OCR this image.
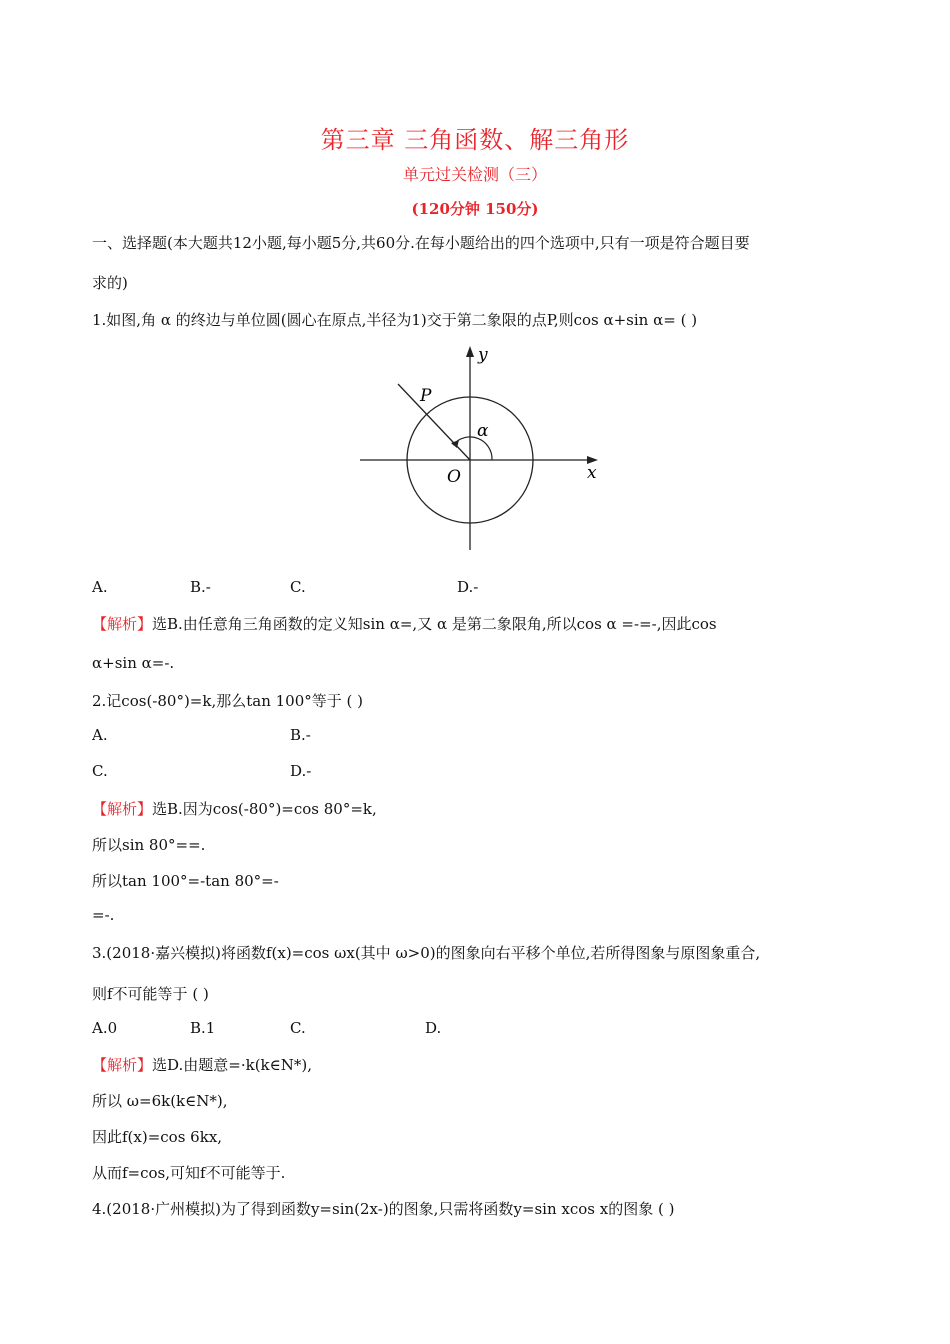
第三章 三角函数、解三角形
单元过关检测（三）
(120分钟 150分)
一、选择题(本大题共12小题,每小题5分,共60分.在每小题给出的四个选项中,只有一项是符合题目要
求的)
1.如图,角 α 的终边与单位圆(圆心在原点,半径为1)交于第二象限的点P,则cos α+sin α= ( )
y
x
O
P
α
A.	B.-	C.	D.-
【解析】选B.由任意角三角函数的定义知sin α=,又 α 是第二象限角,所以cos α =-=-,因此cos
α+sin α=-.
2.记cos(-80°)=k,那么tan 100°等于 ( )
A.	B.-
C.	D.-
【解析】选B.因为cos(-80°)=cos 80°=k,
所以sin 80°==.
所以tan 100°=-tan 80°=-
=-.
3.(2018·嘉兴模拟)将函数f(x)=cos ωx(其中 ω>0)的图象向右平移个单位,若所得图象与原图象重合,
则f不可能等于 ( )
A.0	B.1	C.	D.
【解析】选D.由题意=·k(k∈N*),
所以 ω=6k(k∈N*),
因此f(x)=cos 6kx,
从而f=cos,可知f不可能等于.
4.(2018·广州模拟)为了得到函数y=sin(2x-)的图象,只需将函数y=sin xcos x的图象 ( )
